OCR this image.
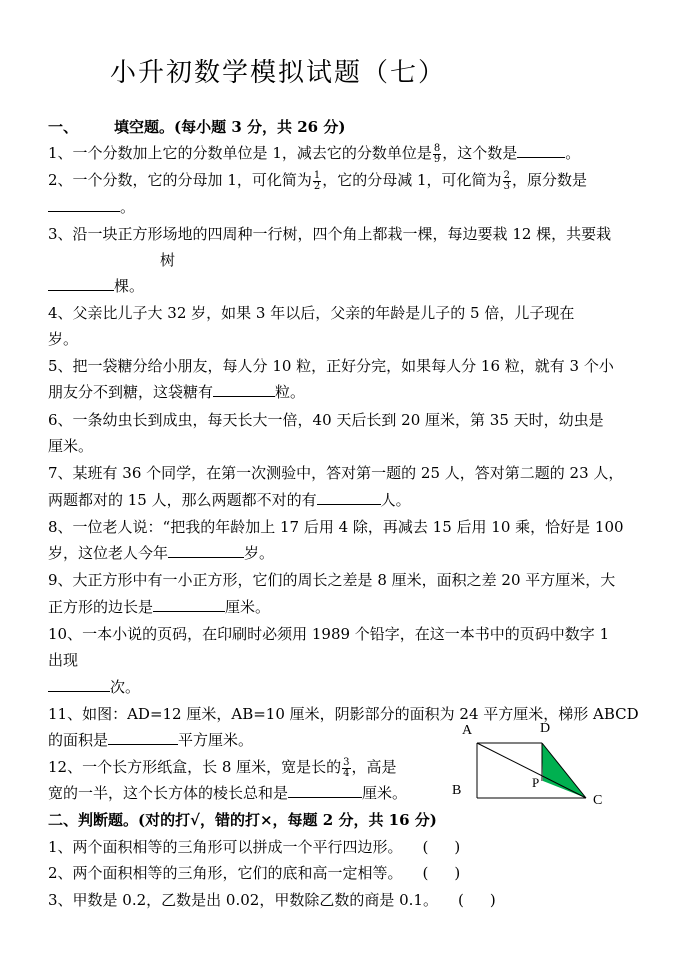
小升初数学模拟试题（七）
一、 填空题。(每小题 3 分，共 26 分)
1、一个分数加上它的分数单位是 1，减去它的分数单位是 $\frac{8}{9}$ ，这个数是	。
2、一个分数，它的分母加 1，可化简为 $\frac{1}{2}$ ，它的分母减 1，可化简为 $\frac{2}{3}$ ，原分数是
。
3、沿一块正方形场地的四周种一行树，四个角上都栽一棵，每边要栽 12 棵，共要栽
树
棵。
4、父亲比儿子大 32 岁，如果 3 年以后，父亲的年龄是儿子的 5 倍，儿子现在
岁。
5、把一袋糖分给小朋友，每人分 10 粒，正好分完，如果每人分 16 粒，就有 3 个小
朋友分不到糖，这袋糖有	粒。
6、一条幼虫长到成虫，每天长大一倍，40 天后长到 20 厘米，第 35 天时，幼虫是
厘米。
7、某班有 36 个同学，在第一次测验中，答对第一题的 25 人，答对第二题的 23 人，
两题都对的 15 人，那么两题都不对的有	人。
8、一位老人说：“把我的年龄加上 17 后用 4 除，再减去 15 后用 10 乘，恰好是 100
岁，这位老人今年	岁。
9、大正方形中有一小正方形，它们的周长之差是 8 厘米，面积之差 20 平方厘米，大
正方形的边长是	厘米。
10、一本小说的页码，在印刷时必须用 1989 个铅字，在这一本书中的页码中数字 1
出现
次。
11、如图：AD=12 厘米，AB=10 厘米，阴影部分的面积为 24 平方厘米，梯形 ABCD
的面积是	平方厘米。
12、一个长方形纸盒，长 8 厘米，宽是长的 $\frac{3}{4}$ ，高是
宽的一半，这个长方体的棱长总和是	厘米。
二、判断题。(对的打√，错的打×，每题 2 分，共 16 分)
1、两个面积相等的三角形可以拼成一个平行四边形。 ( )
2、两个面积相等的三角形，它们的底和高一定相等。 ( )
3、甲数是 0.2，乙数是出 0.02，甲数除乙数的商是 0.1。 ( )
A	D
B
P
C
